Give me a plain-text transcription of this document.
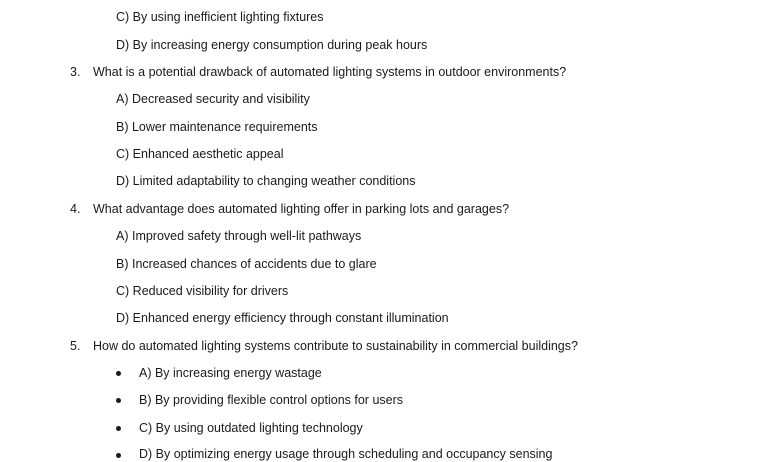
C) By using inefficient lighting fixtures
D) By increasing energy consumption during peak hours
3. What is a potential drawback of automated lighting systems in outdoor environments?
A) Decreased security and visibility
B) Lower maintenance requirements
C) Enhanced aesthetic appeal
D) Limited adaptability to changing weather conditions
4. What advantage does automated lighting offer in parking lots and garages?
A) Improved safety through well-lit pathways
B) Increased chances of accidents due to glare
C) Reduced visibility for drivers
D) Enhanced energy efficiency through constant illumination
5. How do automated lighting systems contribute to sustainability in commercial buildings?
A) By increasing energy wastage
B) By providing flexible control options for users
C) By using outdated lighting technology
D) By optimizing energy usage through scheduling and occupancy sensing
